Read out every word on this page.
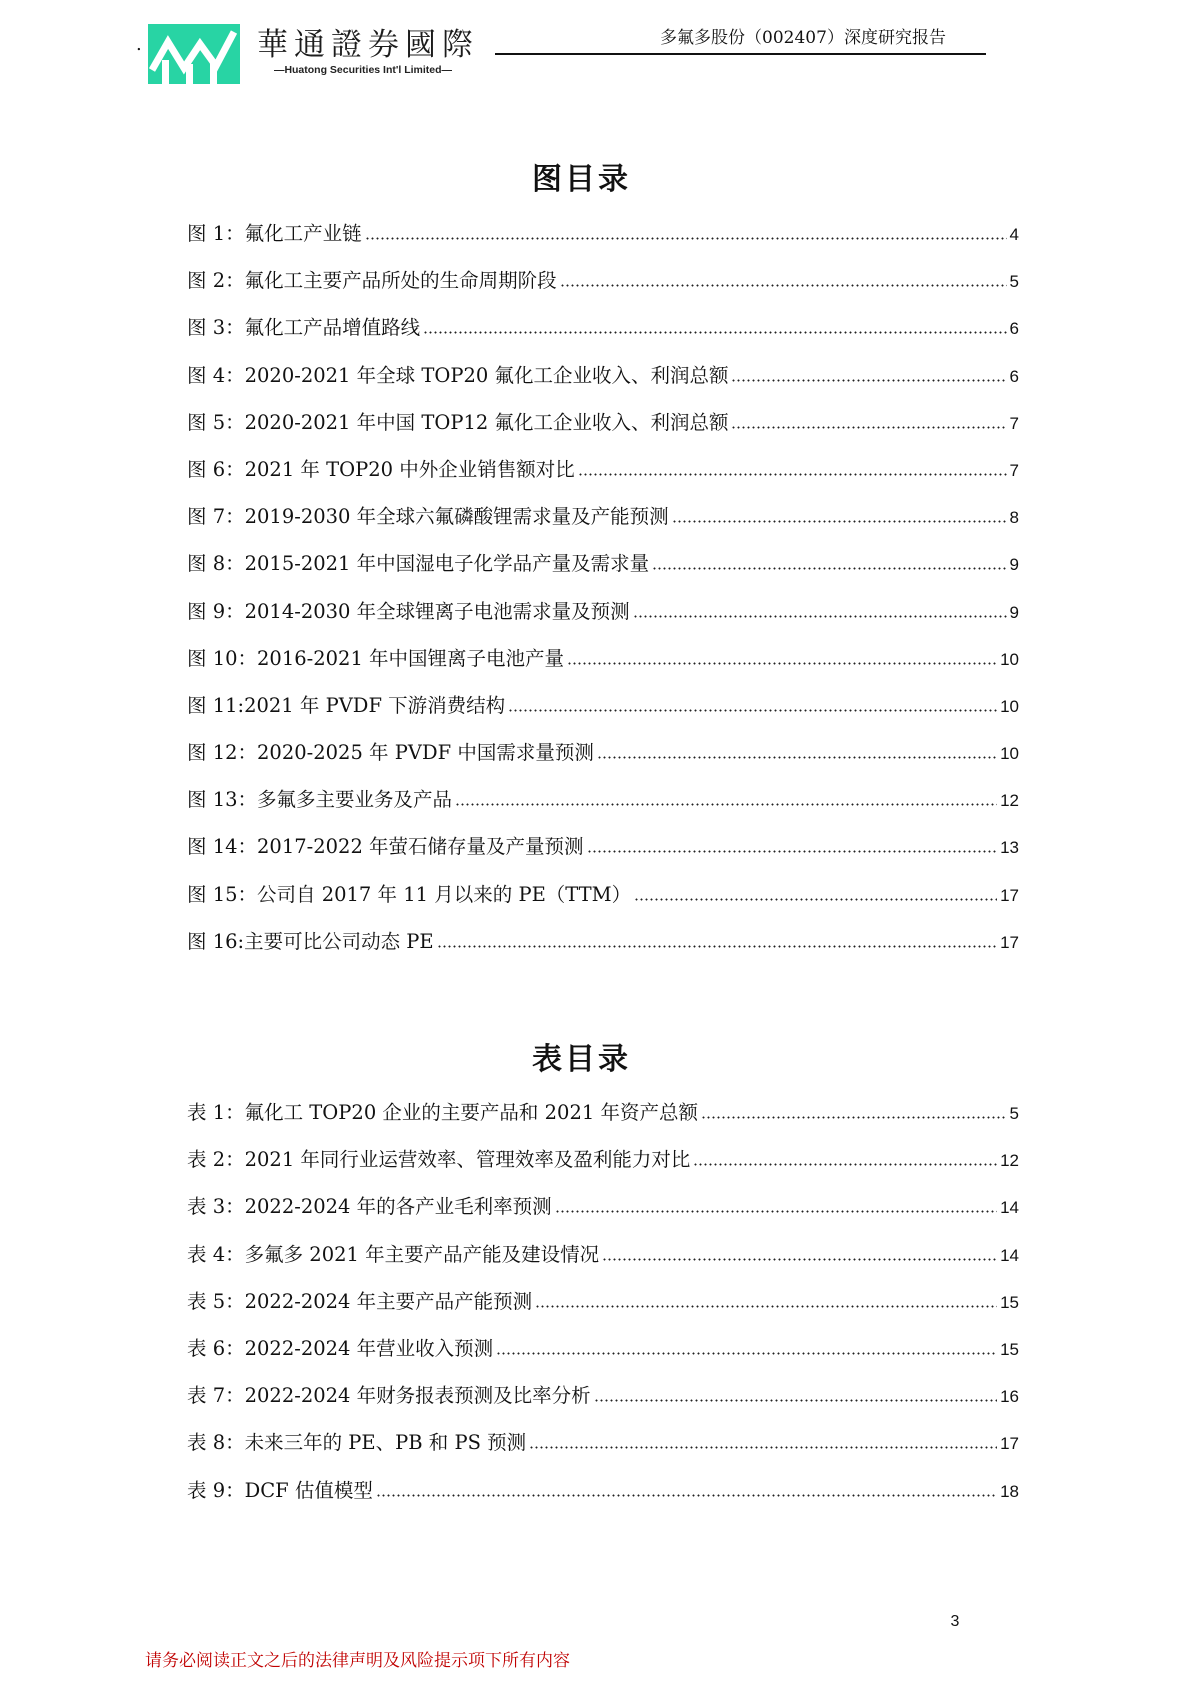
.	華通證券國際
—Huatong Securities Int'l Limited—
多氟多股份（002407）深度研究报告
图目录
图 1：氟化工产业链	4
图 2：氟化工主要产品所处的生命周期阶段	5
图 3：氟化工产品增值路线	6
图 4：2020-2021 年全球 TOP20 氟化工企业收入、利润总额	6
图 5：2020-2021 年中国 TOP12 氟化工企业收入、利润总额	7
图 6：2021 年 TOP20 中外企业销售额对比	7
图 7：2019-2030 年全球六氟磷酸锂需求量及产能预测	8
图 8：2015-2021 年中国湿电子化学品产量及需求量	9
图 9：2014-2030 年全球锂离子电池需求量及预测	9
图 10：2016-2021 年中国锂离子电池产量	10
图 11:2021 年 PVDF 下游消费结构	10
图 12：2020-2025 年 PVDF 中国需求量预测	10
图 13：多氟多主要业务及产品	12
图 14：2017-2022 年萤石储存量及产量预测	13
图 15：公司自 2017 年 11 月以来的 PE（TTM）	17
图 16:主要可比公司动态 PE	17
表目录
表 1：氟化工 TOP20 企业的主要产品和 2021 年资产总额	5
表 2：2021 年同行业运营效率、管理效率及盈利能力对比	12
表 3：2022-2024 年的各产业毛利率预测	14
表 4：多氟多 2021 年主要产品产能及建设情况	14
表 5：2022-2024 年主要产品产能预测	15
表 6：2022-2024 年营业收入预测	15
表 7：2022-2024 年财务报表预测及比率分析	16
表 8：未来三年的 PE、PB 和 PS 预测	17
表 9：DCF 估值模型	18
3
请务必阅读正文之后的法律声明及风险提示项下所有内容
